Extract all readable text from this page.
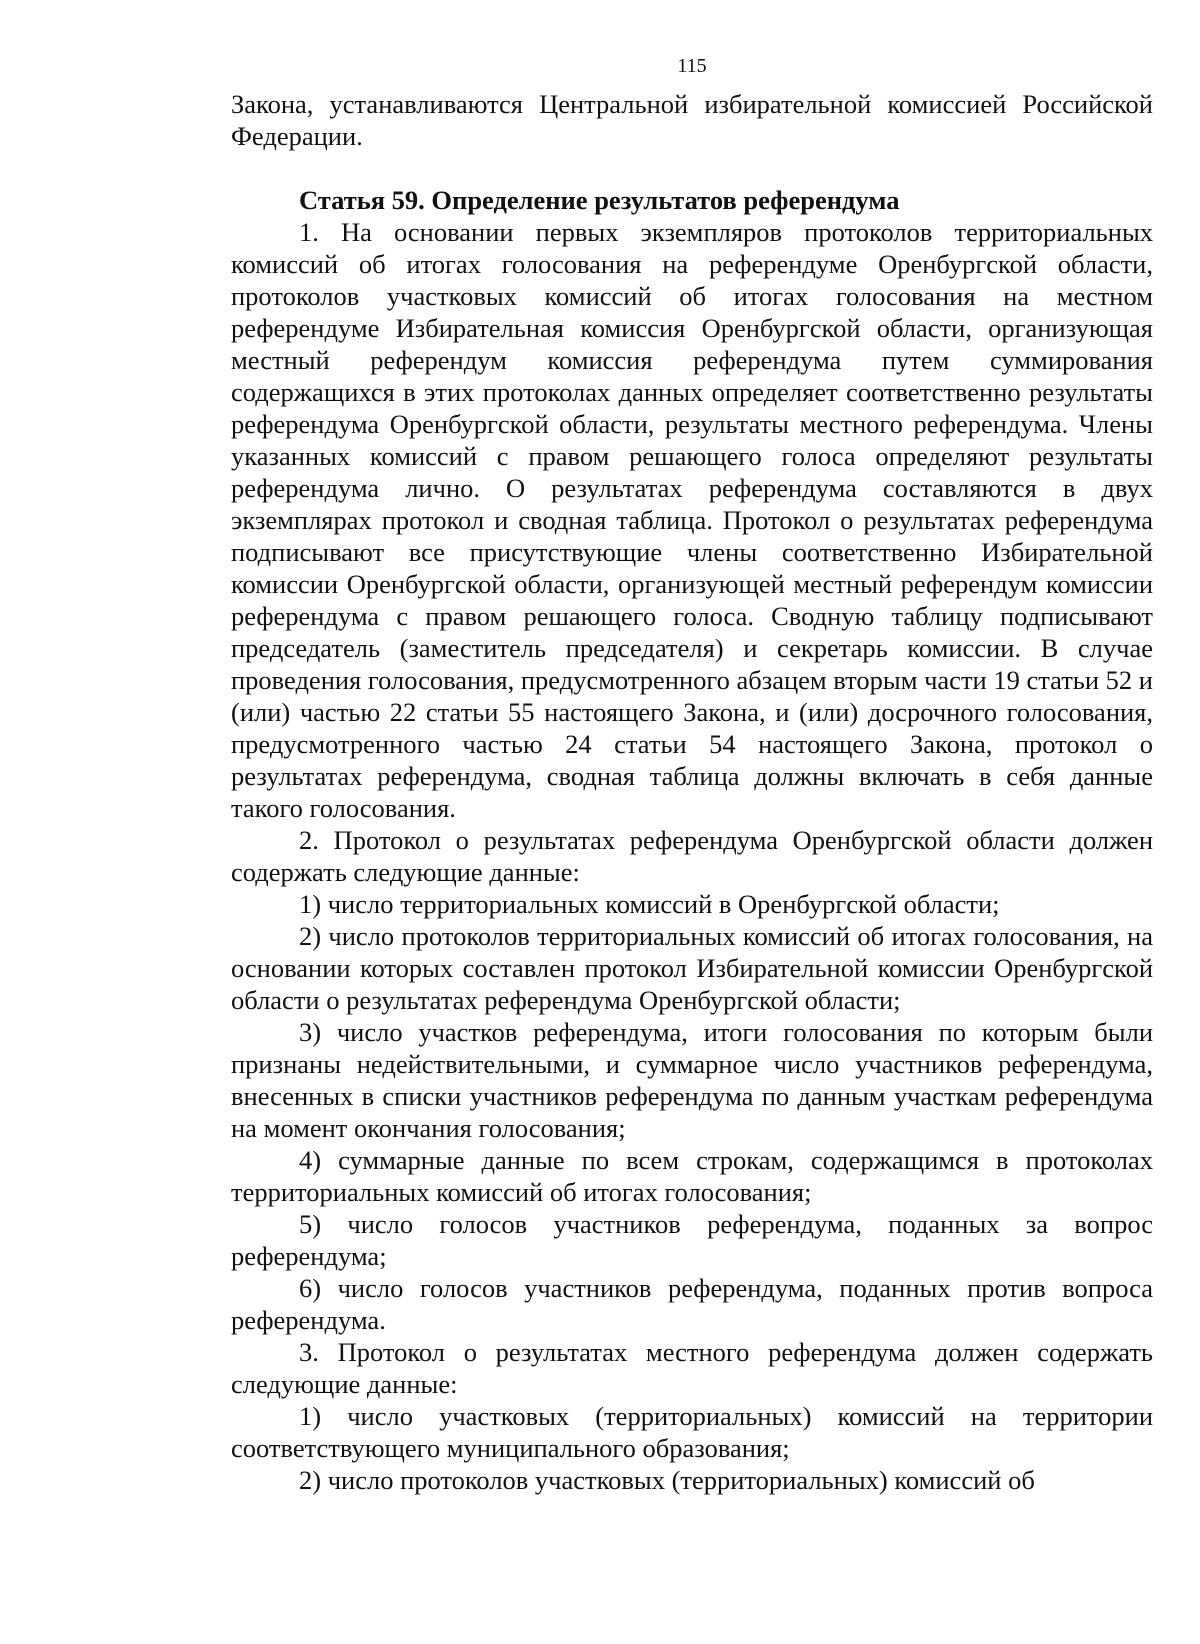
115

Закона, устанавливаются Центральной избирательной комиссией Российской Федерации.

Статья 59. Определение результатов референдума

1. На основании первых экземпляров протоколов территориальных комиссий об итогах голосования на референдуме Оренбургской области, протоколов участковых комиссий об итогах голосования на местном референдуме Избирательная комиссия Оренбургской области, организующая местный референдум комиссия референдума путем суммирования содержащихся в этих протоколах данных определяет соответственно результаты референдума Оренбургской области, результаты местного референдума. Члены указанных комиссий с правом решающего голоса определяют результаты референдума лично. О результатах референдума составляются в двух экземплярах протокол и сводная таблица. Протокол о результатах референдума подписывают все присутствующие члены соответственно Избирательной комиссии Оренбургской области, организующей местный референдум комиссии референдума с правом решающего голоса. Сводную таблицу подписывают председатель (заместитель председателя) и секретарь комиссии. В случае проведения голосования, предусмотренного абзацем вторым части 19 статьи 52 и (или) частью 22 статьи 55 настоящего Закона, и (или) досрочного голосования, предусмотренного частью 24 статьи 54 настоящего Закона, протокол о результатах референдума, сводная таблица должны включать в себя данные такого голосования.

2. Протокол о результатах референдума Оренбургской области должен содержать следующие данные:

1) число территориальных комиссий в Оренбургской области;

2) число протоколов территориальных комиссий об итогах голосования, на основании которых составлен протокол Избирательной комиссии Оренбургской области о результатах референдума Оренбургской области;

3) число участков референдума, итоги голосования по которым были признаны недействительными, и суммарное число участников референдума, внесенных в списки участников референдума по данным участкам референдума на момент окончания голосования;

4) суммарные данные по всем строкам, содержащимся в протоколах территориальных комиссий об итогах голосования;

5) число голосов участников референдума, поданных за вопрос референдума;

6) число голосов участников референдума, поданных против вопроса референдума.

3. Протокол о результатах местного референдума должен содержать следующие данные:

1) число участковых (территориальных) комиссий на территории соответствующего муниципального образования;

2) число протоколов участковых (территориальных) комиссий об
